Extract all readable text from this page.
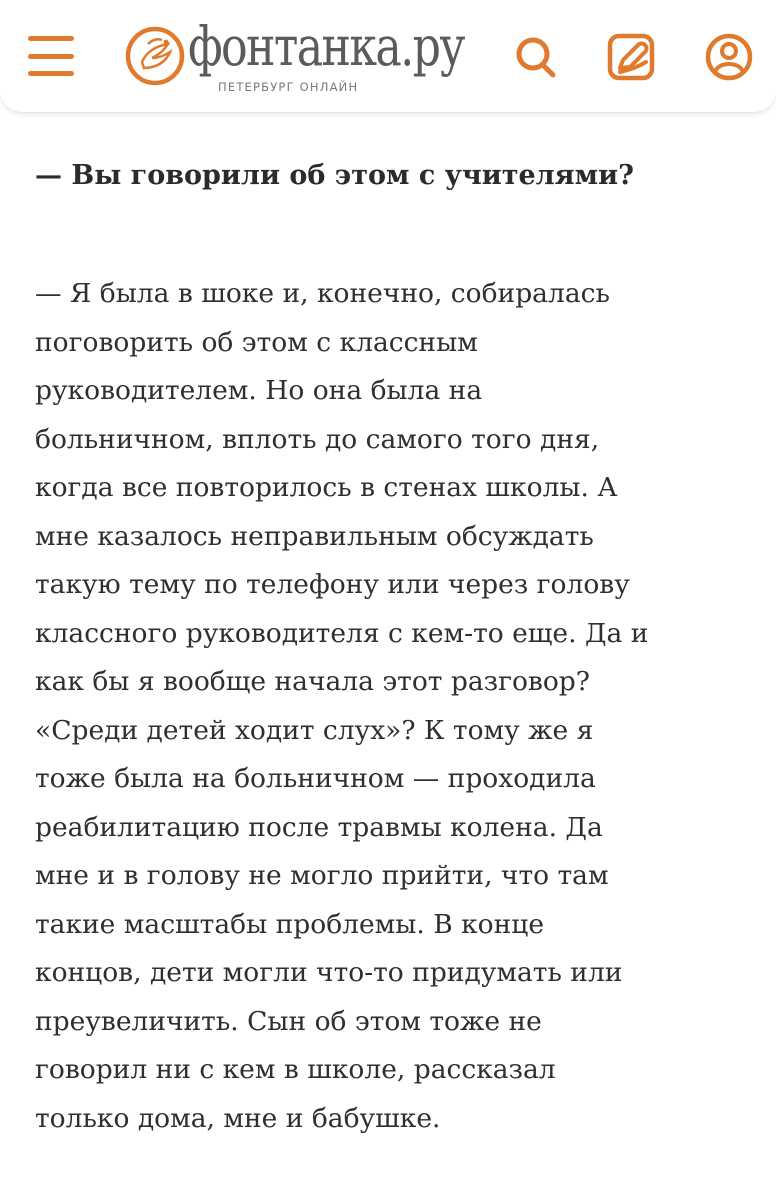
фонтанка.ру
ПЕТЕРБУРГ ОНЛАЙН
— Вы говорили об этом с учителями?

— Я была в шоке и, конечно, собиралась
поговорить об этом с классным
руководителем. Но она была на
больничном, вплоть до самого того дня,
когда все повторилось в стенах школы. А
мне казалось неправильным обсуждать
такую тему по телефону или через голову
классного руководителя с кем-то еще. Да и
как бы я вообще начала этот разговор?
«Среди детей ходит слух»? К тому же я
тоже была на больничном — проходила
реабилитацию после травмы колена. Да
мне и в голову не могло прийти, что там
такие масштабы проблемы. В конце
концов, дети могли что-то придумать или
преувеличить. Сын об этом тоже не
говорил ни с кем в школе, рассказал
только дома, мне и бабушке.
